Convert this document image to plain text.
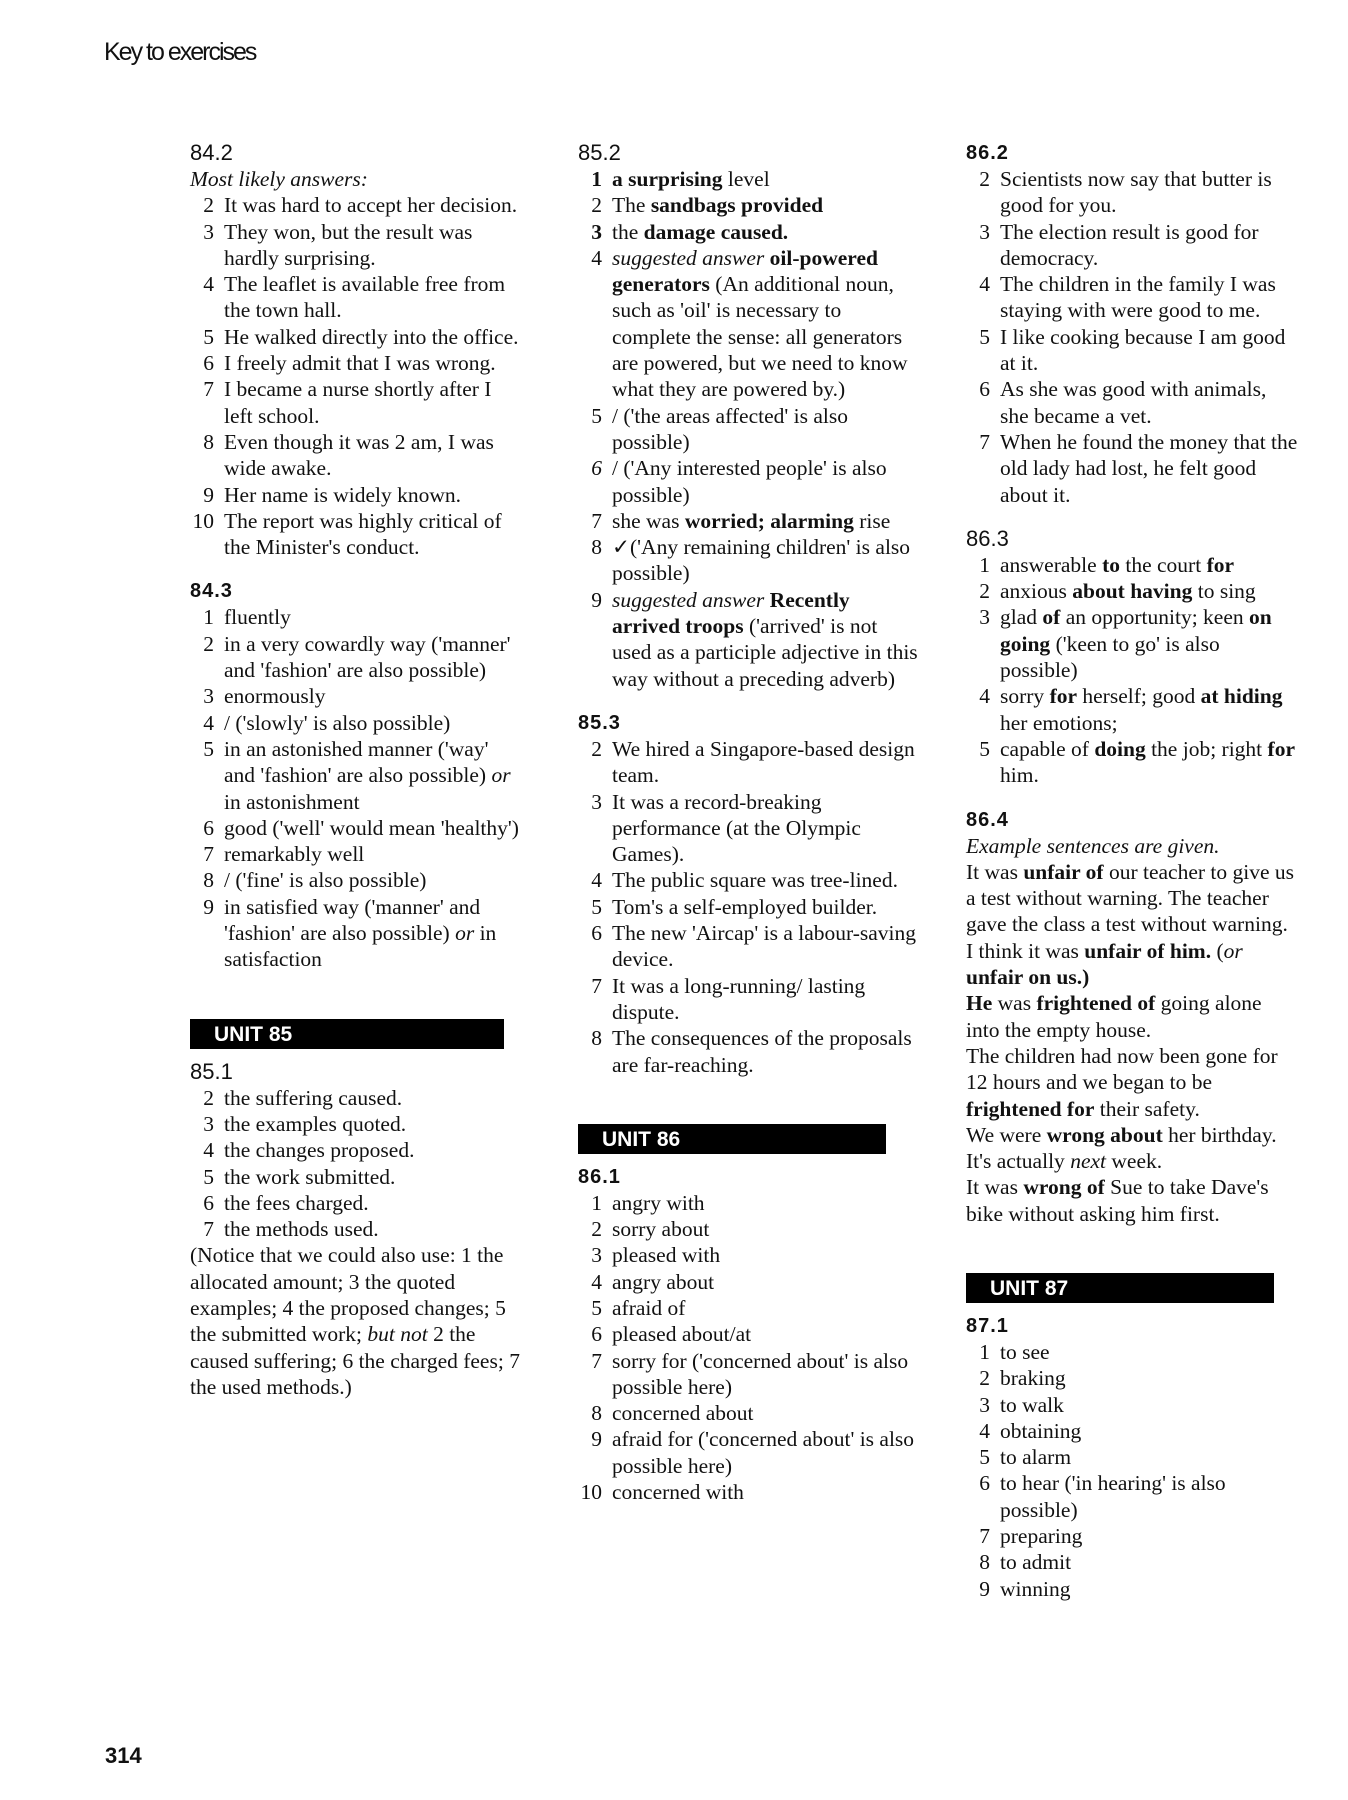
Key to exercises
84.2
Most likely answers:
2 It was hard to accept her decision.
3 They won, but the result was hardly surprising.
4 The leaflet is available free from the town hall.
5 He walked directly into the office.
6 I freely admit that I was wrong.
7 I became a nurse shortly after I left school.
8 Even though it was 2 am, I was wide awake.
9 Her name is widely known.
10 The report was highly critical of the Minister's conduct.
84.3
1 fluently
2 in a very cowardly way ('manner' and 'fashion' are also possible)
3 enormously
4 / ('slowly' is also possible)
5 in an astonished manner ('way' and 'fashion' are also possible) or in astonishment
6 good ('well' would mean 'healthy')
7 remarkably well
8 / ('fine' is also possible)
9 in satisfied way ('manner' and 'fashion' are also possible) or in satisfaction
UNIT 85
85.1
2 the suffering caused.
3 the examples quoted.
4 the changes proposed.
5 the work submitted.
6 the fees charged.
7 the methods used.
(Notice that we could also use: 1 the allocated amount; 3 the quoted examples; 4 the proposed changes; 5 the submitted work; but not 2 the caused suffering; 6 the charged fees; 7 the used methods.)
85.2
1 a surprising level
2 The sandbags provided
3 the damage caused.
4 suggested answer oil-powered generators (An additional noun, such as 'oil' is necessary to complete the sense: all generators are powered, but we need to know what they are powered by.)
5 / ('the areas affected' is also possible)
6 / ('Any interested people' is also possible)
7 she was worried; alarming rise
8 ✓('Any remaining children' is also possible)
9 suggested answer Recently arrived troops ('arrived' is not used as a participle adjective in this way without a preceding adverb)
85.3
2 We hired a Singapore-based design team.
3 It was a record-breaking performance (at the Olympic Games).
4 The public square was tree-lined.
5 Tom's a self-employed builder.
6 The new 'Aircap' is a labour-saving device.
7 It was a long-running/ lasting dispute.
8 The consequences of the proposals are far-reaching.
UNIT 86
86.1
1 angry with
2 sorry about
3 pleased with
4 angry about
5 afraid of
6 pleased about/at
7 sorry for ('concerned about' is also possible here)
8 concerned about
9 afraid for ('concerned about' is also possible here)
10 concerned with
86.2
2 Scientists now say that butter is good for you.
3 The election result is good for democracy.
4 The children in the family I was staying with were good to me.
5 I like cooking because I am good at it.
6 As she was good with animals, she became a vet.
7 When he found the money that the old lady had lost, he felt good about it.
86.3
1 answerable to the court for
2 anxious about having to sing
3 glad of an opportunity; keen on going ('keen to go' is also possible)
4 sorry for herself; good at hiding her emotions;
5 capable of doing the job; right for him.
86.4
Example sentences are given.
It was unfair of our teacher to give us a test without warning. The teacher gave the class a test without warning. I think it was unfair of him. (or unfair on us.)
He was frightened of going alone into the empty house.
The children had now been gone for 12 hours and we began to be frightened for their safety.
We were wrong about her birthday. It's actually next week.
It was wrong of Sue to take Dave's bike without asking him first.
UNIT 87
87.1
1 to see
2 braking
3 to walk
4 obtaining
5 to alarm
6 to hear ('in hearing' is also possible)
7 preparing
8 to admit
9 winning
314
